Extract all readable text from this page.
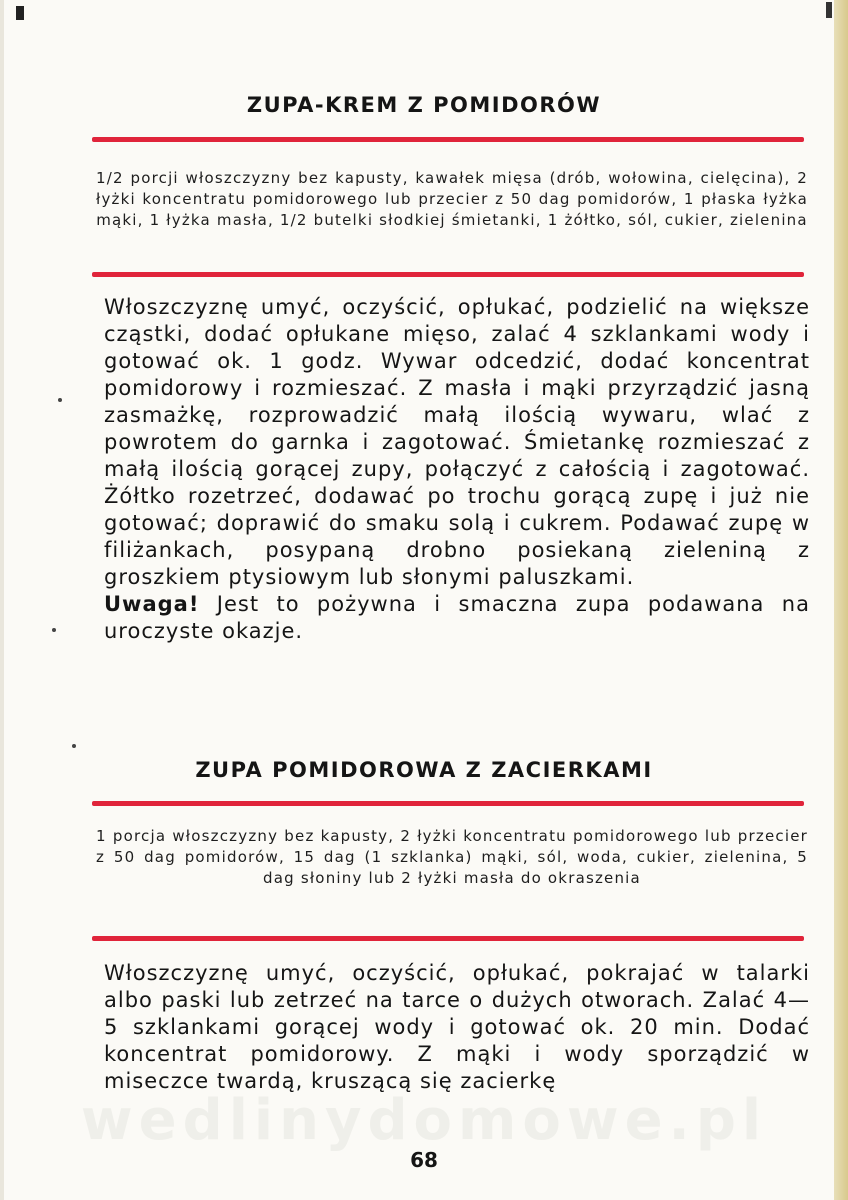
ZUPA-KREM Z POMIDORÓW

1/2 porcji włoszczyzny bez kapusty, kawałek mięsa (drób, wołowina, cielęcina), 2 łyżki koncentratu pomidorowego lub przecier z 50 dag pomidorów, 1 płaska łyżka mąki, 1 łyżka masła, 1/2 butelki słodkiej śmietanki, 1 żółtko, sól, cukier, zielenina

Włoszczyznę umyć, oczyścić, opłukać, podzielić na większe cząstki, dodać opłukane mięso, zalać 4 szklankami wody i gotować ok. 1 godz. Wywar odcedzić, dodać koncentrat pomidorowy i rozmieszać. Z masła i mąki przyrządzić jasną zasmażkę, rozprowadzić małą ilością wywaru, wlać z powrotem do garnka i zagotować. Śmietankę rozmieszać z małą ilością gorącej zupy, połączyć z całością i zagotować. Żółtko rozetrzeć, dodawać po trochu gorącą zupę i już nie gotować; doprawić do smaku solą i cukrem. Podawać zupę w filiżankach, posypaną drobno posiekaną zieleniną z groszkiem ptysiowym lub słonymi paluszkami.
Uwaga! Jest to pożywna i smaczna zupa podawana na uroczyste okazje.

ZUPA POMIDOROWA Z ZACIERKAMI

1 porcja włoszczyzny bez kapusty, 2 łyżki koncentratu pomidorowego lub przecier z 50 dag pomidorów, 15 dag (1 szklanka) mąki, sól, woda, cukier, zielenina, 5 dag słoniny lub 2 łyżki masła do okraszenia

Włoszczyznę umyć, oczyścić, opłukać, pokrajać w talarki albo paski lub zetrzeć na tarce o dużych otworach. Zalać 4—5 szklankami gorącej wody i gotować ok. 20 min. Dodać koncentrat pomidorowy. Z mąki i wody sporządzić w miseczce twardą, kruszącą się zacierkę

wedlinydomowe.pl
68
